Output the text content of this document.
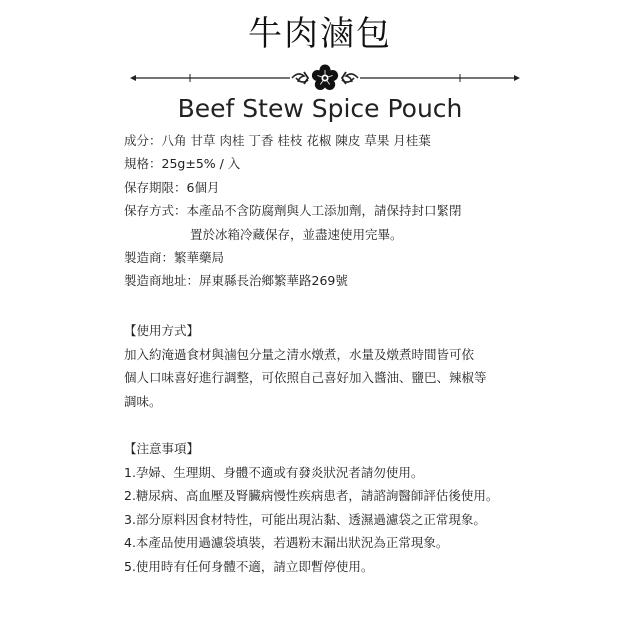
牛肉滷包
Beef Stew Spice Pouch
成分：八角 甘草 肉桂 丁香 桂枝 花椒 陳皮 草果 月桂葉
規格：25g±5% / 入
保存期限：6個月
保存方式：本產品不含防腐劑與人工添加劑，請保持封口緊閉
置於冰箱冷藏保存，並盡速使用完畢。
製造商：繁華藥局
製造商地址：屏東縣長治鄉繁華路269號
【使用方式】
加入約淹過食材與滷包分量之清水燉煮，水量及燉煮時間皆可依
個人口味喜好進行調整，可依照自己喜好加入醬油、鹽巴、辣椒等
調味。
【注意事項】
1.孕婦、生理期、身體不適或有發炎狀況者請勿使用。
2.糖尿病、高血壓及腎臟病慢性疾病患者，請諮詢醫師評估後使用。
3.部分原料因食材特性，可能出現沾黏、透濕過濾袋之正常現象。
4.本產品使用過濾袋填裝，若遇粉末漏出狀況為正常現象。
5.使用時有任何身體不適，請立即暫停使用。
